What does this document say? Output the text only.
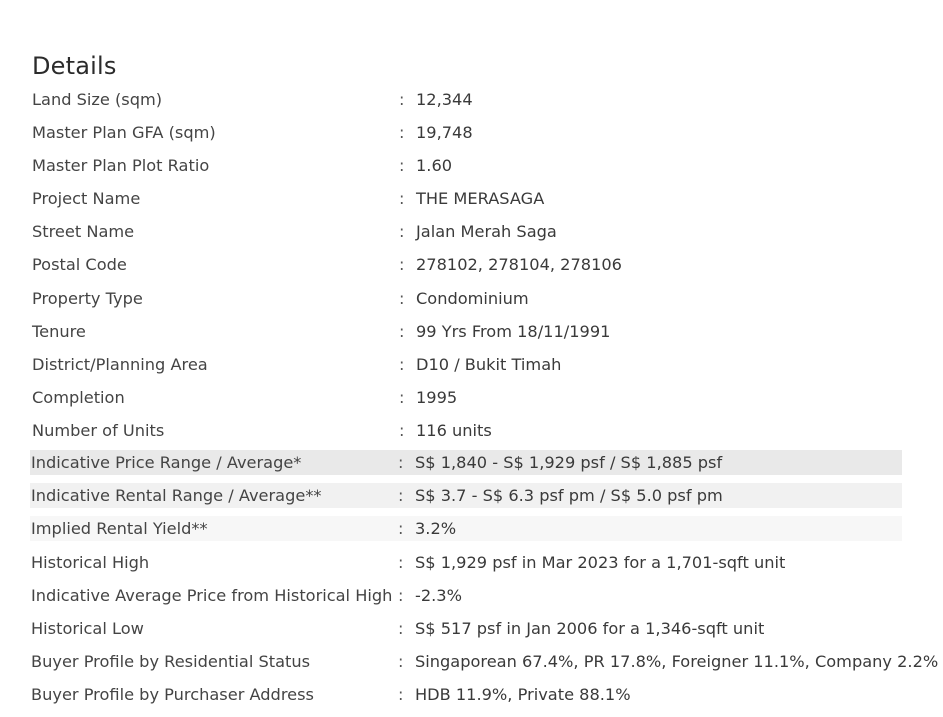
Details
Land Size (sqm)	: 12,344
Master Plan GFA (sqm)	: 19,748
Master Plan Plot Ratio	: 1.60
Project Name	: THE MERASAGA
Street Name	: Jalan Merah Saga
Postal Code	: 278102, 278104, 278106
Property Type	: Condominium
Tenure	: 99 Yrs From 18/11/1991
District/Planning Area	: D10 / Bukit Timah
Completion	: 1995
Number of Units	: 116 units
Indicative Price Range / Average*	: S$ 1,840 - S$ 1,929 psf / S$ 1,885 psf
Indicative Rental Range / Average**	: S$ 3.7 - S$ 6.3 psf pm / S$ 5.0 psf pm
Implied Rental Yield**	: 3.2%
Historical High	: S$ 1,929 psf in Mar 2023 for a 1,701-sqft unit
Indicative Average Price from Historical High : -2.3%
Historical Low	: S$ 517 psf in Jan 2006 for a 1,346-sqft unit
Buyer Profile by Residential Status	: Singaporean 67.4%, PR 17.8%, Foreigner 11.1%, Company 2.2%
Buyer Profile by Purchaser Address	: HDB 11.9%, Private 88.1%
